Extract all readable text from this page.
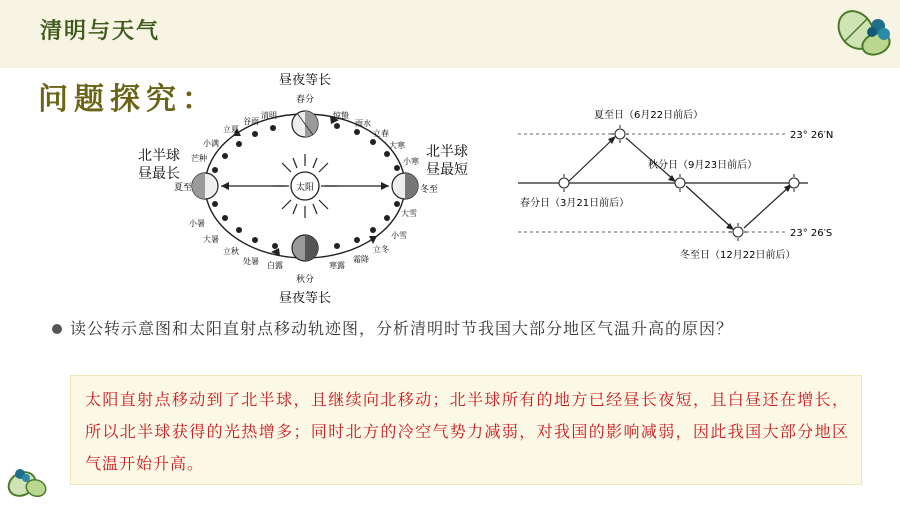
清明与天气
问题探究：
太阳
昼夜等长
春分
昼夜等长
秋分
北半球
昼最长
北半球
昼最短
夏至	冬至
清明
谷雨
立夏
小满
芒种
小暑
大暑
立秋
处暑 白露	寒露
霜降
立冬
小雪
大雪
小寒
大寒
立春
雨水
惊蛰
23° 26′N
23° 26′S
夏至日（6月22日前后）
春分日（3月21日前后）
秋分日（9月23日前后）
冬至日（12月22日前后）
读公转示意图和太阳直射点移动轨迹图，分析清明时节我国大部分地区气温升高的原因？
太阳直射点移动到了北半球，且继续向北移动；北半球所有的地方已经昼长夜短，且白昼还在增长，所以北半球获得的光热增多；同时北方的冷空气势力减弱，对我国的影响减弱，因此我国大部分地区气温开始升高。
